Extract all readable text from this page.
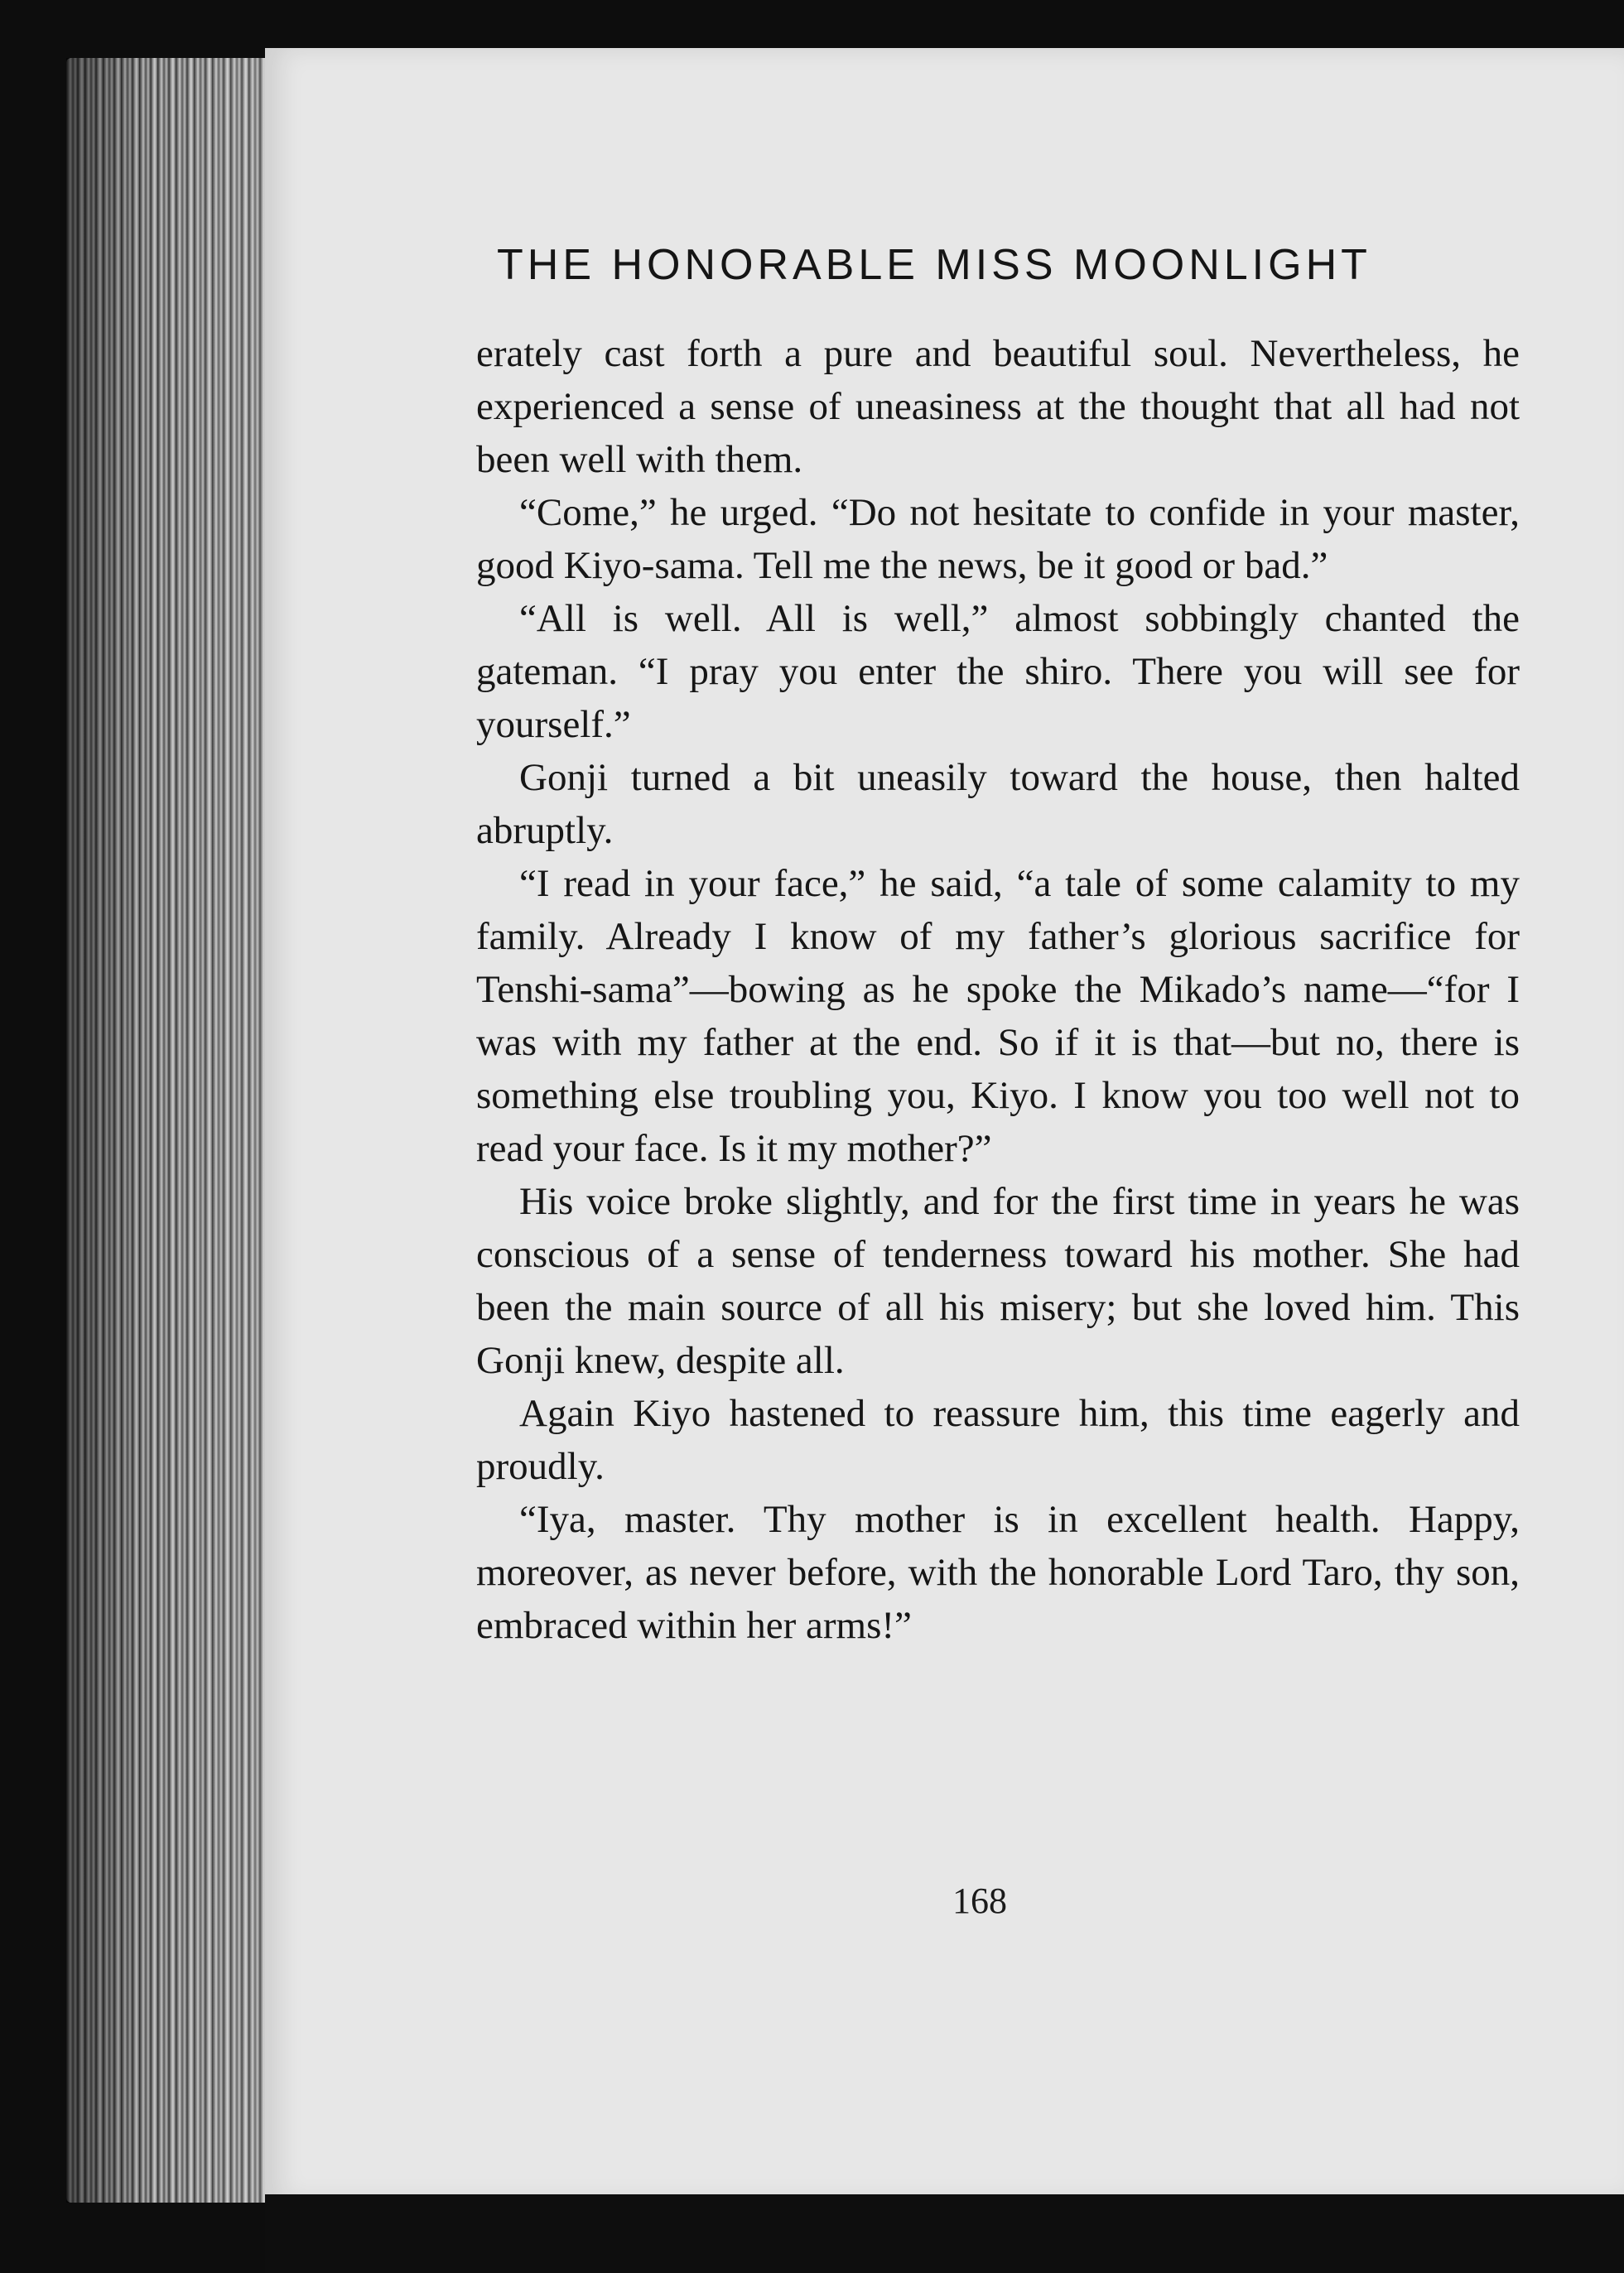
THE HONORABLE MISS MOONLIGHT

erately cast forth a pure and beautiful soul. Nevertheless, he experienced a sense of uneasiness at the thought that all had not been well with them.

“Come,” he urged. “Do not hesitate to confide in your master, good Kiyo-sama. Tell me the news, be it good or bad.”

“All is well. All is well,” almost sobbingly chanted the gateman. “I pray you enter the shiro. There you will see for yourself.”

Gonji turned a bit uneasily toward the house, then halted abruptly.

“I read in your face,” he said, “a tale of some calamity to my family. Already I know of my father’s glorious sacrifice for Tenshi-sama”—bowing as he spoke the Mikado’s name—“for I was with my father at the end. So if it is that—but no, there is something else troubling you, Kiyo. I know you too well not to read your face. Is it my mother?”

His voice broke slightly, and for the first time in years he was conscious of a sense of tenderness toward his mother. She had been the main source of all his misery; but she loved him. This Gonji knew, despite all.

Again Kiyo hastened to reassure him, this time eagerly and proudly.

“Iya, master. Thy mother is in excellent health. Happy, moreover, as never before, with the honorable Lord Taro, thy son, embraced within her arms!”

168
